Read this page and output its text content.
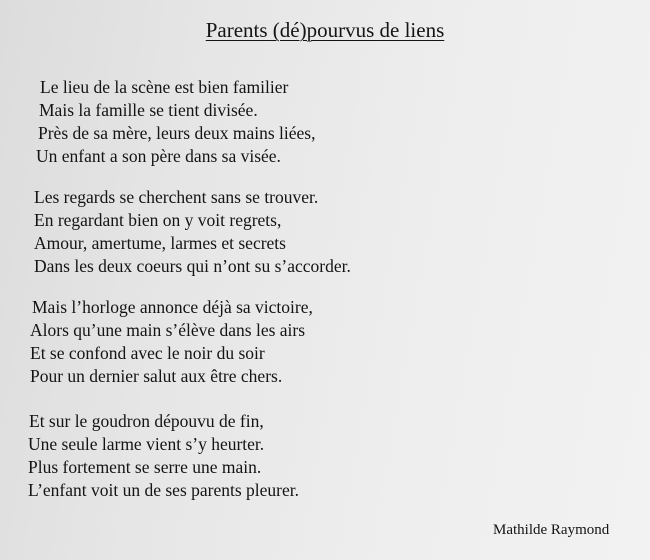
Parents (dé)pourvus de liens
Le lieu de la scène est bien familier
Mais la famille se tient divisée.
Près de sa mère, leurs deux mains liées,
Un enfant a son père dans sa visée.
Les regards se cherchent sans se trouver.
En regardant bien on y voit regrets,
Amour, amertume, larmes et secrets
Dans les deux coeurs qui n’ont su s’accorder.
Mais l’horloge annonce déjà sa victoire,
Alors qu’une main s’élève dans les airs
Et se confond avec le noir du soir
Pour un dernier salut aux être chers.
Et sur le goudron dépouvu de fin,
Une seule larme vient s’y heurter.
Plus fortement se serre une main.
L’enfant voit un de ses parents pleurer.
Mathilde Raymond
